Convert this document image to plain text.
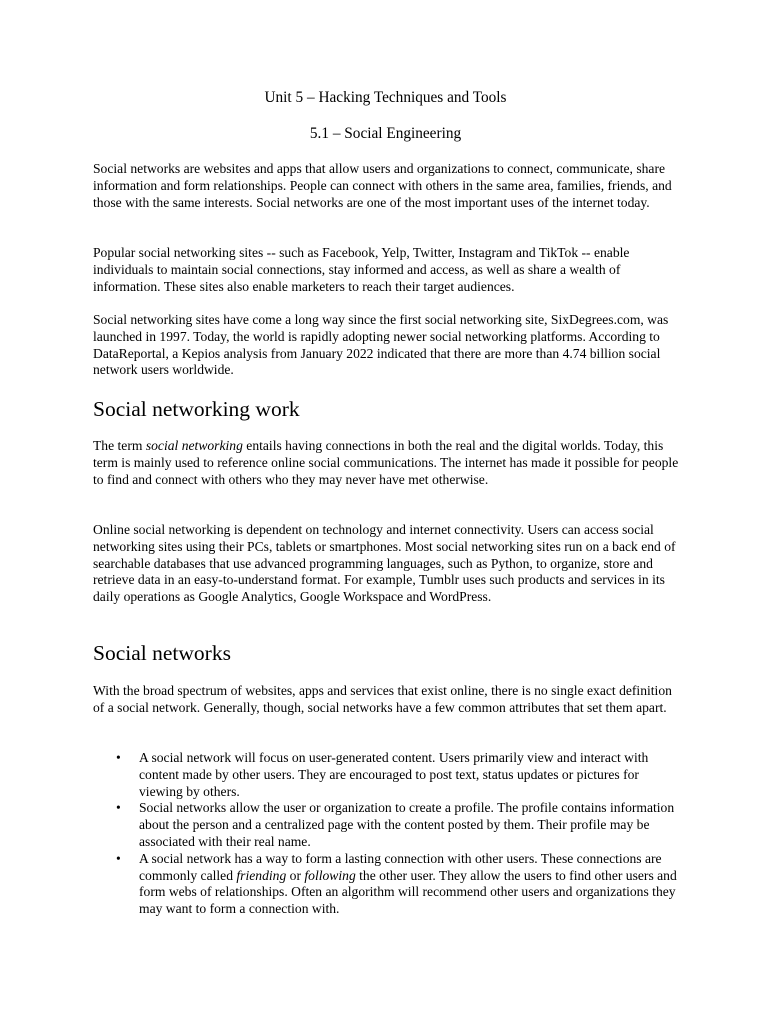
Unit 5 – Hacking Techniques and Tools
5.1 – Social Engineering

Social networks are websites and apps that allow users and organizations to connect, communicate, share information and form relationships. People can connect with others in the same area, families, friends, and those with the same interests. Social networks are one of the most important uses of the internet today.

Popular social networking sites -- such as Facebook, Yelp, Twitter, Instagram and TikTok -- enable individuals to maintain social connections, stay informed and access, as well as share a wealth of information. These sites also enable marketers to reach their target audiences.

Social networking sites have come a long way since the first social networking site, SixDegrees.com, was launched in 1997. Today, the world is rapidly adopting newer social networking platforms. According to DataReportal, a Kepios analysis from January 2022 indicated that there are more than 4.74 billion social network users worldwide.

Social networking work

The term social networking entails having connections in both the real and the digital worlds. Today, this term is mainly used to reference online social communications. The internet has made it possible for people to find and connect with others who they may never have met otherwise.

Online social networking is dependent on technology and internet connectivity. Users can access social networking sites using their PCs, tablets or smartphones. Most social networking sites run on a back end of searchable databases that use advanced programming languages, such as Python, to organize, store and retrieve data in an easy-to-understand format. For example, Tumblr uses such products and services in its daily operations as Google Analytics, Google Workspace and WordPress.

Social networks

With the broad spectrum of websites, apps and services that exist online, there is no single exact definition of a social network. Generally, though, social networks have a few common attributes that set them apart.

• A social network will focus on user-generated content. Users primarily view and interact with content made by other users. They are encouraged to post text, status updates or pictures for viewing by others.
• Social networks allow the user or organization to create a profile. The profile contains information about the person and a centralized page with the content posted by them. Their profile may be associated with their real name.
• A social network has a way to form a lasting connection with other users. These connections are commonly called friending or following the other user. They allow the users to find other users and form webs of relationships. Often an algorithm will recommend other users and organizations they may want to form a connection with.
